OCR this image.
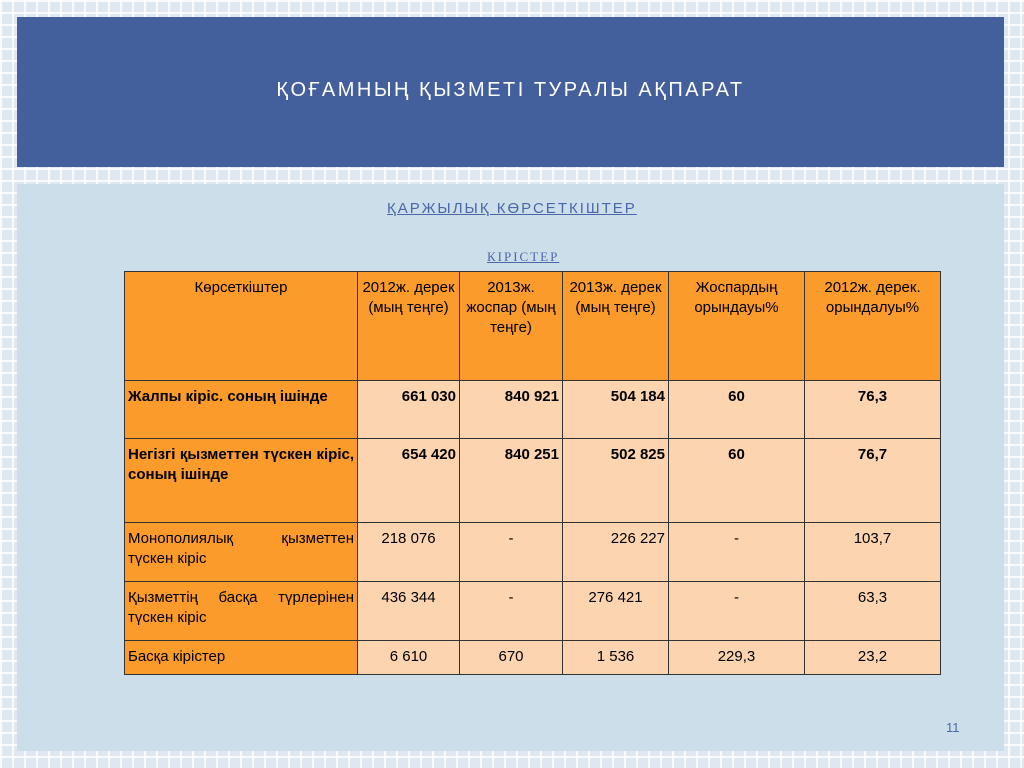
ҚОҒАМНЫҢ ҚЫЗМЕТІ ТУРАЛЫ АҚПАРАТ
ҚАРЖЫЛЫҚ КӨРСЕТКІШТЕР
КІРІСТЕР
Көрсеткіштер	2012ж. дерек (мың теңге)	2013ж. жоспар (мың теңге)	2013ж. дерек (мың теңге)	Жоспардың орындауы%	2012ж. дерек. орындалуы%
Жалпы кіріс. соның ішінде	661 030	840 921	504 184	60	76,3
Негізгі қызметтен түскен кіріс, соның ішінде	654 420	840 251	502 825	60	76,7
Монополиялық қызметтен түскен кіріс	218 076	-	226 227	-	103,7
Қызметтің басқа түрлерінен түскен кіріс	436 344	-	276 421	-	63,3
Басқа кірістер	6 610	670	1 536	229,3	23,2
11
